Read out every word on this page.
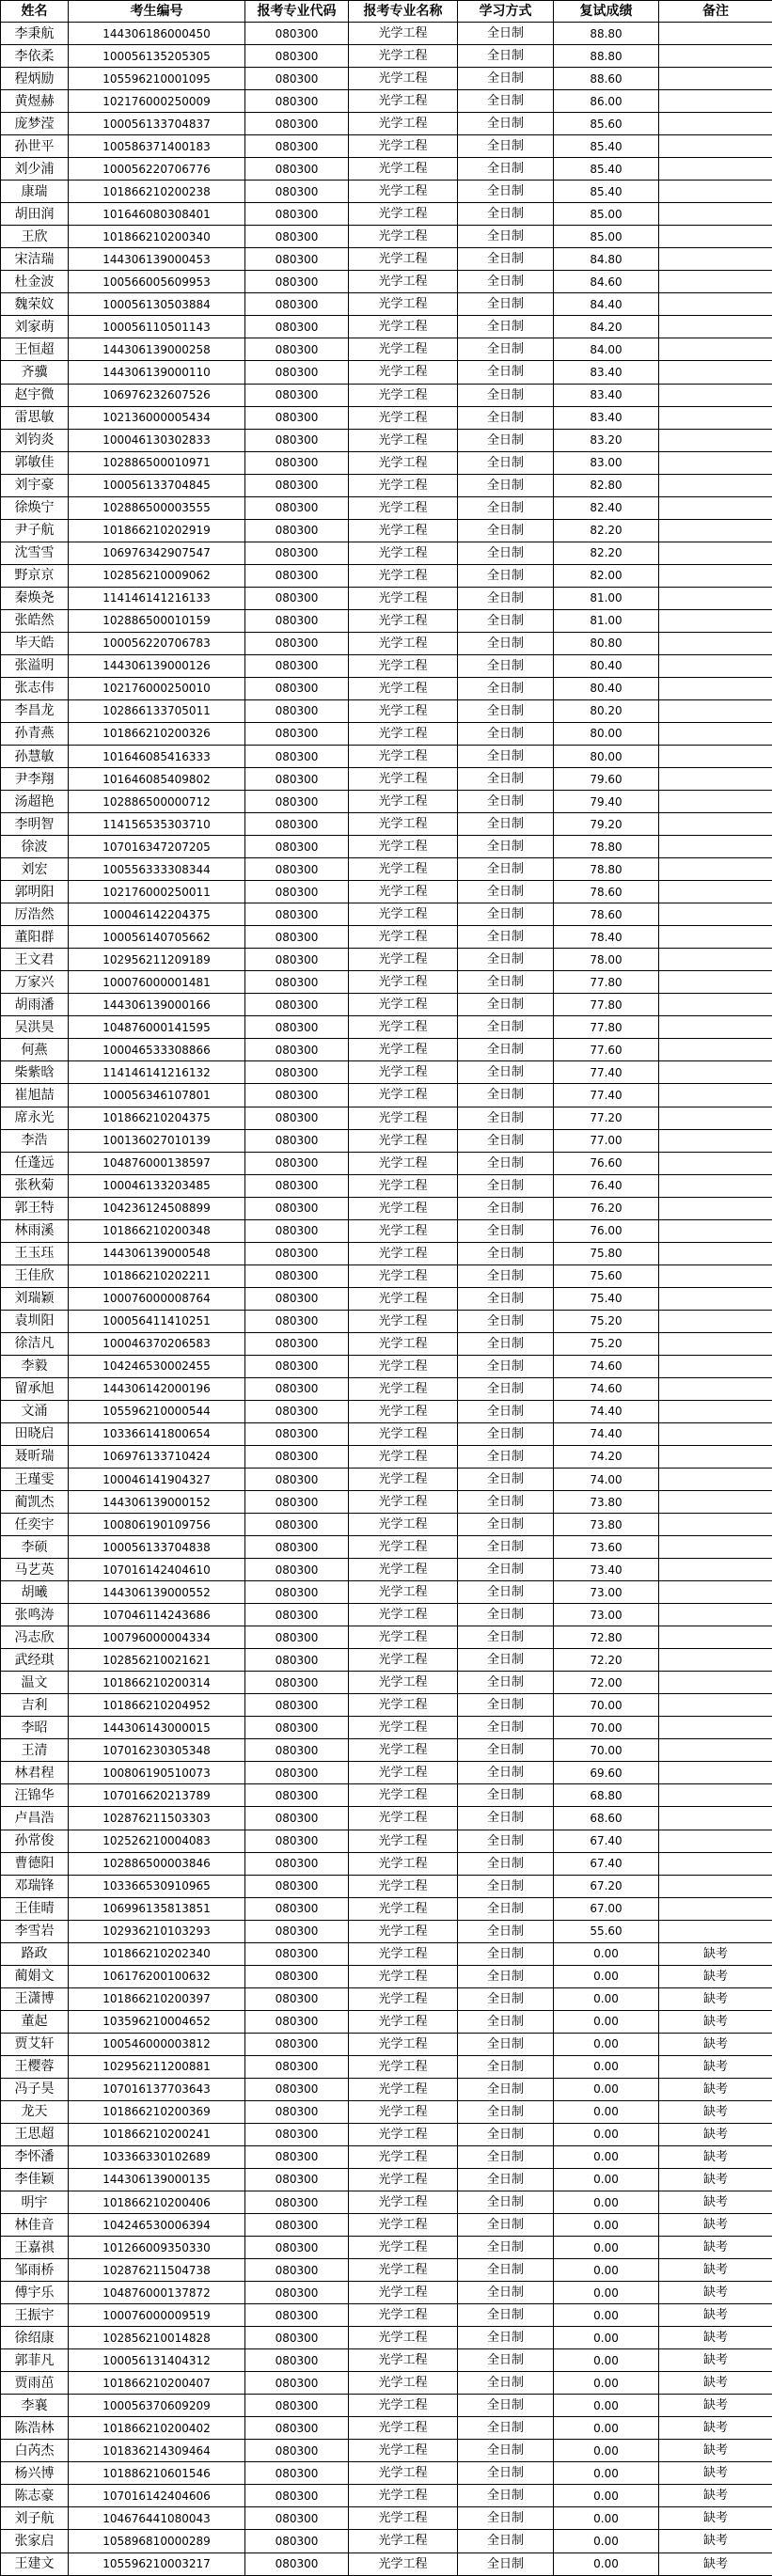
姓名	考生编号	报考专业代码	报考专业名称	学习方式	复试成绩	备注
李秉航	144306186000450	080300	光学工程	全日制	88.80	
李依柔	100056135205305	080300	光学工程	全日制	88.80	
程炳励	105596210001095	080300	光学工程	全日制	88.60	
黄煜赫	102176000250009	080300	光学工程	全日制	86.00	
庞梦滢	100056133704837	080300	光学工程	全日制	85.60	
孙世平	100586371400183	080300	光学工程	全日制	85.40	
刘少浦	100056220706776	080300	光学工程	全日制	85.40	
康瑞	101866210200238	080300	光学工程	全日制	85.40	
胡田润	101646080308401	080300	光学工程	全日制	85.00	
王欣	101866210200340	080300	光学工程	全日制	85.00	
宋洁瑞	144306139000453	080300	光学工程	全日制	84.80	
杜金波	100566005609953	080300	光学工程	全日制	84.60	
魏荣妏	100056130503884	080300	光学工程	全日制	84.40	
刘家萌	100056110501143	080300	光学工程	全日制	84.20	
王恒超	144306139000258	080300	光学工程	全日制	84.00	
齐骥	144306139000110	080300	光学工程	全日制	83.40	
赵宇微	106976232607526	080300	光学工程	全日制	83.40	
雷思敏	102136000005434	080300	光学工程	全日制	83.40	
刘钧炎	100046130302833	080300	光学工程	全日制	83.20	
郭敏佳	102886500010971	080300	光学工程	全日制	83.00	
刘宇豪	100056133704845	080300	光学工程	全日制	82.80	
徐焕宁	102886500003555	080300	光学工程	全日制	82.40	
尹子航	101866210202919	080300	光学工程	全日制	82.20	
沈雪雪	106976342907547	080300	光学工程	全日制	82.20	
野京京	102856210009062	080300	光学工程	全日制	82.00	
秦焕尧	114146141216133	080300	光学工程	全日制	81.00	
张皓然	102886500010159	080300	光学工程	全日制	81.00	
毕天皓	100056220706783	080300	光学工程	全日制	80.80	
张溢明	144306139000126	080300	光学工程	全日制	80.40	
张志伟	102176000250010	080300	光学工程	全日制	80.40	
李昌龙	102866133705011	080300	光学工程	全日制	80.20	
孙青燕	101866210200326	080300	光学工程	全日制	80.00	
孙慧敏	101646085416333	080300	光学工程	全日制	80.00	
尹李翔	101646085409802	080300	光学工程	全日制	79.60	
汤超艳	102886500000712	080300	光学工程	全日制	79.40	
李明智	114156535303710	080300	光学工程	全日制	79.20	
徐波	107016347207205	080300	光学工程	全日制	78.80	
刘宏	100556333308344	080300	光学工程	全日制	78.80	
郭明阳	102176000250011	080300	光学工程	全日制	78.60	
厉浩然	100046142204375	080300	光学工程	全日制	78.60	
董阳群	100056140705662	080300	光学工程	全日制	78.40	
王文君	102956211209189	080300	光学工程	全日制	78.00	
万家兴	100076000001481	080300	光学工程	全日制	77.80	
胡雨潘	144306139000166	080300	光学工程	全日制	77.80	
吴洪昊	104876000141595	080300	光学工程	全日制	77.80	
何燕	100046533308866	080300	光学工程	全日制	77.60	
柴紫晗	114146141216132	080300	光学工程	全日制	77.40	
崔旭喆	100056346107801	080300	光学工程	全日制	77.40	
席永光	101866210204375	080300	光学工程	全日制	77.20	
李浩	100136027010139	080300	光学工程	全日制	77.00	
任蓬远	104876000138597	080300	光学工程	全日制	76.60	
张秋菊	100046133203485	080300	光学工程	全日制	76.40	
郭王特	104236124508899	080300	光学工程	全日制	76.20	
林雨溪	101866210200348	080300	光学工程	全日制	76.00	
王玉珏	144306139000548	080300	光学工程	全日制	75.80	
王佳欣	101866210202211	080300	光学工程	全日制	75.60	
刘瑞颖	100076000008764	080300	光学工程	全日制	75.40	
袁圳阳	100056411410251	080300	光学工程	全日制	75.20	
徐洁凡	100046370206583	080300	光学工程	全日制	75.20	
李毅	104246530002455	080300	光学工程	全日制	74.60	
留承旭	144306142000196	080300	光学工程	全日制	74.60	
文涌	105596210000544	080300	光学工程	全日制	74.40	
田晓启	103366141800654	080300	光学工程	全日制	74.40	
聂昕瑞	106976133710424	080300	光学工程	全日制	74.20	
王瑾雯	100046141904327	080300	光学工程	全日制	74.00	
蔺凯杰	144306139000152	080300	光学工程	全日制	73.80	
任奕宇	100806190109756	080300	光学工程	全日制	73.80	
李硕	100056133704838	080300	光学工程	全日制	73.60	
马艺英	107016142404610	080300	光学工程	全日制	73.40	
胡曦	144306139000552	080300	光学工程	全日制	73.00	
张鸣涛	107046114243686	080300	光学工程	全日制	73.00	
冯志欣	100796000004334	080300	光学工程	全日制	72.80	
武经琪	102856210021621	080300	光学工程	全日制	72.20	
温文	101866210200314	080300	光学工程	全日制	72.00	
吉利	101866210204952	080300	光学工程	全日制	70.00	
李昭	144306143000015	080300	光学工程	全日制	70.00	
王清	107016230305348	080300	光学工程	全日制	70.00	
林君程	100806190510073	080300	光学工程	全日制	69.60	
汪锦华	107016620213789	080300	光学工程	全日制	68.80	
卢昌浩	102876211503303	080300	光学工程	全日制	68.60	
孙常俊	102526210004083	080300	光学工程	全日制	67.40	
曹德阳	102886500003846	080300	光学工程	全日制	67.40	
邓瑞锋	103366530910965	080300	光学工程	全日制	67.20	
王佳晴	106996135813851	080300	光学工程	全日制	67.00	
李雪岩	102936210103293	080300	光学工程	全日制	55.60	
路政	101866210202340	080300	光学工程	全日制	0.00	缺考
蔺娟文	106176200100632	080300	光学工程	全日制	0.00	缺考
王潇博	101866210200397	080300	光学工程	全日制	0.00	缺考
董起	103596210004652	080300	光学工程	全日制	0.00	缺考
贾艾轩	100546000003812	080300	光学工程	全日制	0.00	缺考
王樱蓉	102956211200881	080300	光学工程	全日制	0.00	缺考
冯子昊	107016137703643	080300	光学工程	全日制	0.00	缺考
龙天	101866210200369	080300	光学工程	全日制	0.00	缺考
王思超	101866210200241	080300	光学工程	全日制	0.00	缺考
李怀潘	103366330102689	080300	光学工程	全日制	0.00	缺考
李佳颖	144306139000135	080300	光学工程	全日制	0.00	缺考
明宇	101866210200406	080300	光学工程	全日制	0.00	缺考
林佳音	104246530006394	080300	光学工程	全日制	0.00	缺考
王嘉祺	101266009350330	080300	光学工程	全日制	0.00	缺考
邹雨桥	102876211504738	080300	光学工程	全日制	0.00	缺考
傅宇乐	104876000137872	080300	光学工程	全日制	0.00	缺考
王振宇	100076000009519	080300	光学工程	全日制	0.00	缺考
徐绍康	102856210014828	080300	光学工程	全日制	0.00	缺考
郭菲凡	100056131404312	080300	光学工程	全日制	0.00	缺考
贾雨茁	101866210200407	080300	光学工程	全日制	0.00	缺考
李襄	100056370609209	080300	光学工程	全日制	0.00	缺考
陈浩林	101866210200402	080300	光学工程	全日制	0.00	缺考
白芮杰	101836214309464	080300	光学工程	全日制	0.00	缺考
杨兴博	101886210601546	080300	光学工程	全日制	0.00	缺考
陈志豪	107016142404606	080300	光学工程	全日制	0.00	缺考
刘子航	104676441080043	080300	光学工程	全日制	0.00	缺考
张家启	105896810000289	080300	光学工程	全日制	0.00	缺考
王建文	105596210003217	080300	光学工程	全日制	0.00	缺考
